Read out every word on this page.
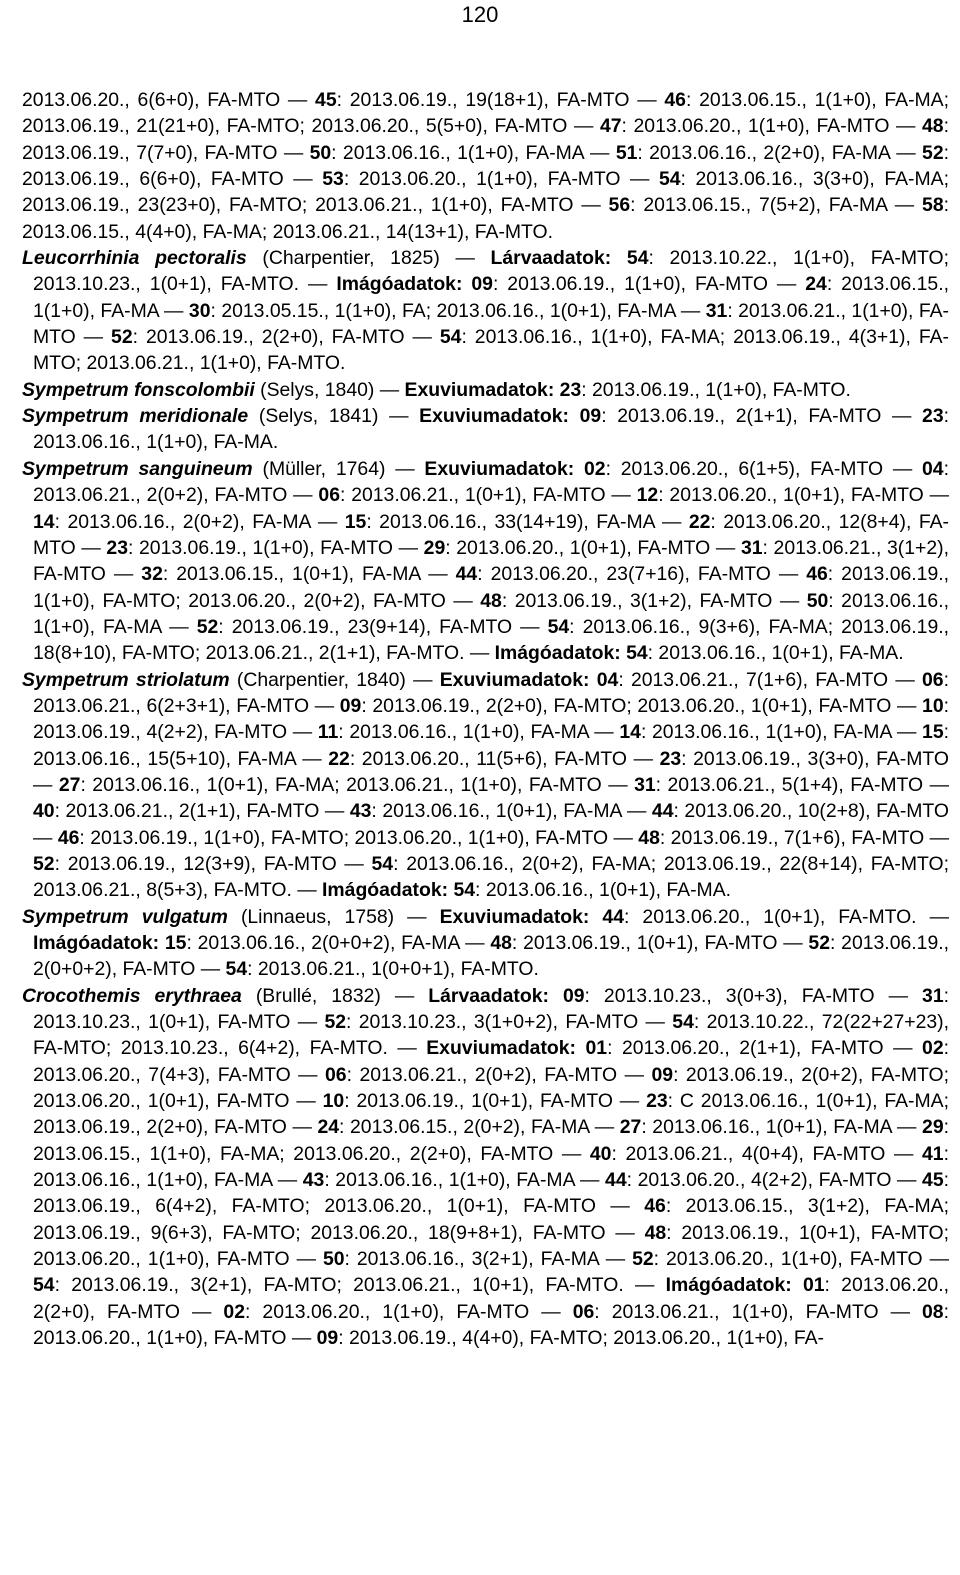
120

2013.06.20., 6(6+0), FA-MTO — 45: 2013.06.19., 19(18+1), FA-MTO — 46: 2013.06.15., 1(1+0), FA-MA; 2013.06.19., 21(21+0), FA-MTO; 2013.06.20., 5(5+0), FA-MTO — 47: 2013.06.20., 1(1+0), FA-MTO — 48: 2013.06.19., 7(7+0), FA-MTO — 50: 2013.06.16., 1(1+0), FA-MA — 51: 2013.06.16., 2(2+0), FA-MA — 52: 2013.06.19., 6(6+0), FA-MTO — 53: 2013.06.20., 1(1+0), FA-MTO — 54: 2013.06.16., 3(3+0), FA-MA; 2013.06.19., 23(23+0), FA-MTO; 2013.06.21., 1(1+0), FA-MTO — 56: 2013.06.15., 7(5+2), FA-MA — 58: 2013.06.15., 4(4+0), FA-MA; 2013.06.21., 14(13+1), FA-MTO.

Leucorrhinia pectoralis (Charpentier, 1825) — Lárvaadatok: 54: 2013.10.22., 1(1+0), FA-MTO; 2013.10.23., 1(0+1), FA-MTO. — Imágóadatok: 09: 2013.06.19., 1(1+0), FA-MTO — 24: 2013.06.15., 1(1+0), FA-MA — 30: 2013.05.15., 1(1+0), FA; 2013.06.16., 1(0+1), FA-MA — 31: 2013.06.21., 1(1+0), FA-MTO — 52: 2013.06.19., 2(2+0), FA-MTO — 54: 2013.06.16., 1(1+0), FA-MA; 2013.06.19., 4(3+1), FA-MTO; 2013.06.21., 1(1+0), FA-MTO.

Sympetrum fonscolombii (Selys, 1840) — Exuviumadatok: 23: 2013.06.19., 1(1+0), FA-MTO.

Sympetrum meridionale (Selys, 1841) — Exuviumadatok: 09: 2013.06.19., 2(1+1), FA-MTO — 23: 2013.06.16., 1(1+0), FA-MA.

Sympetrum sanguineum (Müller, 1764) — Exuviumadatok: 02: 2013.06.20., 6(1+5), FA-MTO — 04: 2013.06.21., 2(0+2), FA-MTO — 06: 2013.06.21., 1(0+1), FA-MTO — 12: 2013.06.20., 1(0+1), FA-MTO — 14: 2013.06.16., 2(0+2), FA-MA — 15: 2013.06.16., 33(14+19), FA-MA — 22: 2013.06.20., 12(8+4), FA-MTO — 23: 2013.06.19., 1(1+0), FA-MTO — 29: 2013.06.20., 1(0+1), FA-MTO — 31: 2013.06.21., 3(1+2), FA-MTO — 32: 2013.06.15., 1(0+1), FA-MA — 44: 2013.06.20., 23(7+16), FA-MTO — 46: 2013.06.19., 1(1+0), FA-MTO; 2013.06.20., 2(0+2), FA-MTO — 48: 2013.06.19., 3(1+2), FA-MTO — 50: 2013.06.16., 1(1+0), FA-MA — 52: 2013.06.19., 23(9+14), FA-MTO — 54: 2013.06.16., 9(3+6), FA-MA; 2013.06.19., 18(8+10), FA-MTO; 2013.06.21., 2(1+1), FA-MTO. — Imágóadatok: 54: 2013.06.16., 1(0+1), FA-MA.

Sympetrum striolatum (Charpentier, 1840) — Exuviumadatok: 04: 2013.06.21., 7(1+6), FA-MTO — 06: 2013.06.21., 6(2+3+1), FA-MTO — 09: 2013.06.19., 2(2+0), FA-MTO; 2013.06.20., 1(0+1), FA-MTO — 10: 2013.06.19., 4(2+2), FA-MTO — 11: 2013.06.16., 1(1+0), FA-MA — 14: 2013.06.16., 1(1+0), FA-MA — 15: 2013.06.16., 15(5+10), FA-MA — 22: 2013.06.20., 11(5+6), FA-MTO — 23: 2013.06.19., 3(3+0), FA-MTO — 27: 2013.06.16., 1(0+1), FA-MA; 2013.06.21., 1(1+0), FA-MTO — 31: 2013.06.21., 5(1+4), FA-MTO — 40: 2013.06.21., 2(1+1), FA-MTO — 43: 2013.06.16., 1(0+1), FA-MA — 44: 2013.06.20., 10(2+8), FA-MTO — 46: 2013.06.19., 1(1+0), FA-MTO; 2013.06.20., 1(1+0), FA-MTO — 48: 2013.06.19., 7(1+6), FA-MTO — 52: 2013.06.19., 12(3+9), FA-MTO — 54: 2013.06.16., 2(0+2), FA-MA; 2013.06.19., 22(8+14), FA-MTO; 2013.06.21., 8(5+3), FA-MTO. — Imágóadatok: 54: 2013.06.16., 1(0+1), FA-MA.

Sympetrum vulgatum (Linnaeus, 1758) — Exuviumadatok: 44: 2013.06.20., 1(0+1), FA-MTO. — Imágóadatok: 15: 2013.06.16., 2(0+0+2), FA-MA — 48: 2013.06.19., 1(0+1), FA-MTO — 52: 2013.06.19., 2(0+0+2), FA-MTO — 54: 2013.06.21., 1(0+0+1), FA-MTO.

Crocothemis erythraea (Brullé, 1832) — Lárvaadatok: 09: 2013.10.23., 3(0+3), FA-MTO — 31: 2013.10.23., 1(0+1), FA-MTO — 52: 2013.10.23., 3(1+0+2), FA-MTO — 54: 2013.10.22., 72(22+27+23), FA-MTO; 2013.10.23., 6(4+2), FA-MTO. — Exuviumadatok: 01: 2013.06.20., 2(1+1), FA-MTO — 02: 2013.06.20., 7(4+3), FA-MTO — 06: 2013.06.21., 2(0+2), FA-MTO — 09: 2013.06.19., 2(0+2), FA-MTO; 2013.06.20., 1(0+1), FA-MTO — 10: 2013.06.19., 1(0+1), FA-MTO — 23: C 2013.06.16., 1(0+1), FA-MA; 2013.06.19., 2(2+0), FA-MTO — 24: 2013.06.15., 2(0+2), FA-MA — 27: 2013.06.16., 1(0+1), FA-MA — 29: 2013.06.15., 1(1+0), FA-MA; 2013.06.20., 2(2+0), FA-MTO — 40: 2013.06.21., 4(0+4), FA-MTO — 41: 2013.06.16., 1(1+0), FA-MA — 43: 2013.06.16., 1(1+0), FA-MA — 44: 2013.06.20., 4(2+2), FA-MTO — 45: 2013.06.19., 6(4+2), FA-MTO; 2013.06.20., 1(0+1), FA-MTO — 46: 2013.06.15., 3(1+2), FA-MA; 2013.06.19., 9(6+3), FA-MTO; 2013.06.20., 18(9+8+1), FA-MTO — 48: 2013.06.19., 1(0+1), FA-MTO; 2013.06.20., 1(1+0), FA-MTO — 50: 2013.06.16., 3(2+1), FA-MA — 52: 2013.06.20., 1(1+0), FA-MTO — 54: 2013.06.19., 3(2+1), FA-MTO; 2013.06.21., 1(0+1), FA-MTO. — Imágóadatok: 01: 2013.06.20., 2(2+0), FA-MTO — 02: 2013.06.20., 1(1+0), FA-MTO — 06: 2013.06.21., 1(1+0), FA-MTO — 08: 2013.06.20., 1(1+0), FA-MTO — 09: 2013.06.19., 4(4+0), FA-MTO; 2013.06.20., 1(1+0), FA-
